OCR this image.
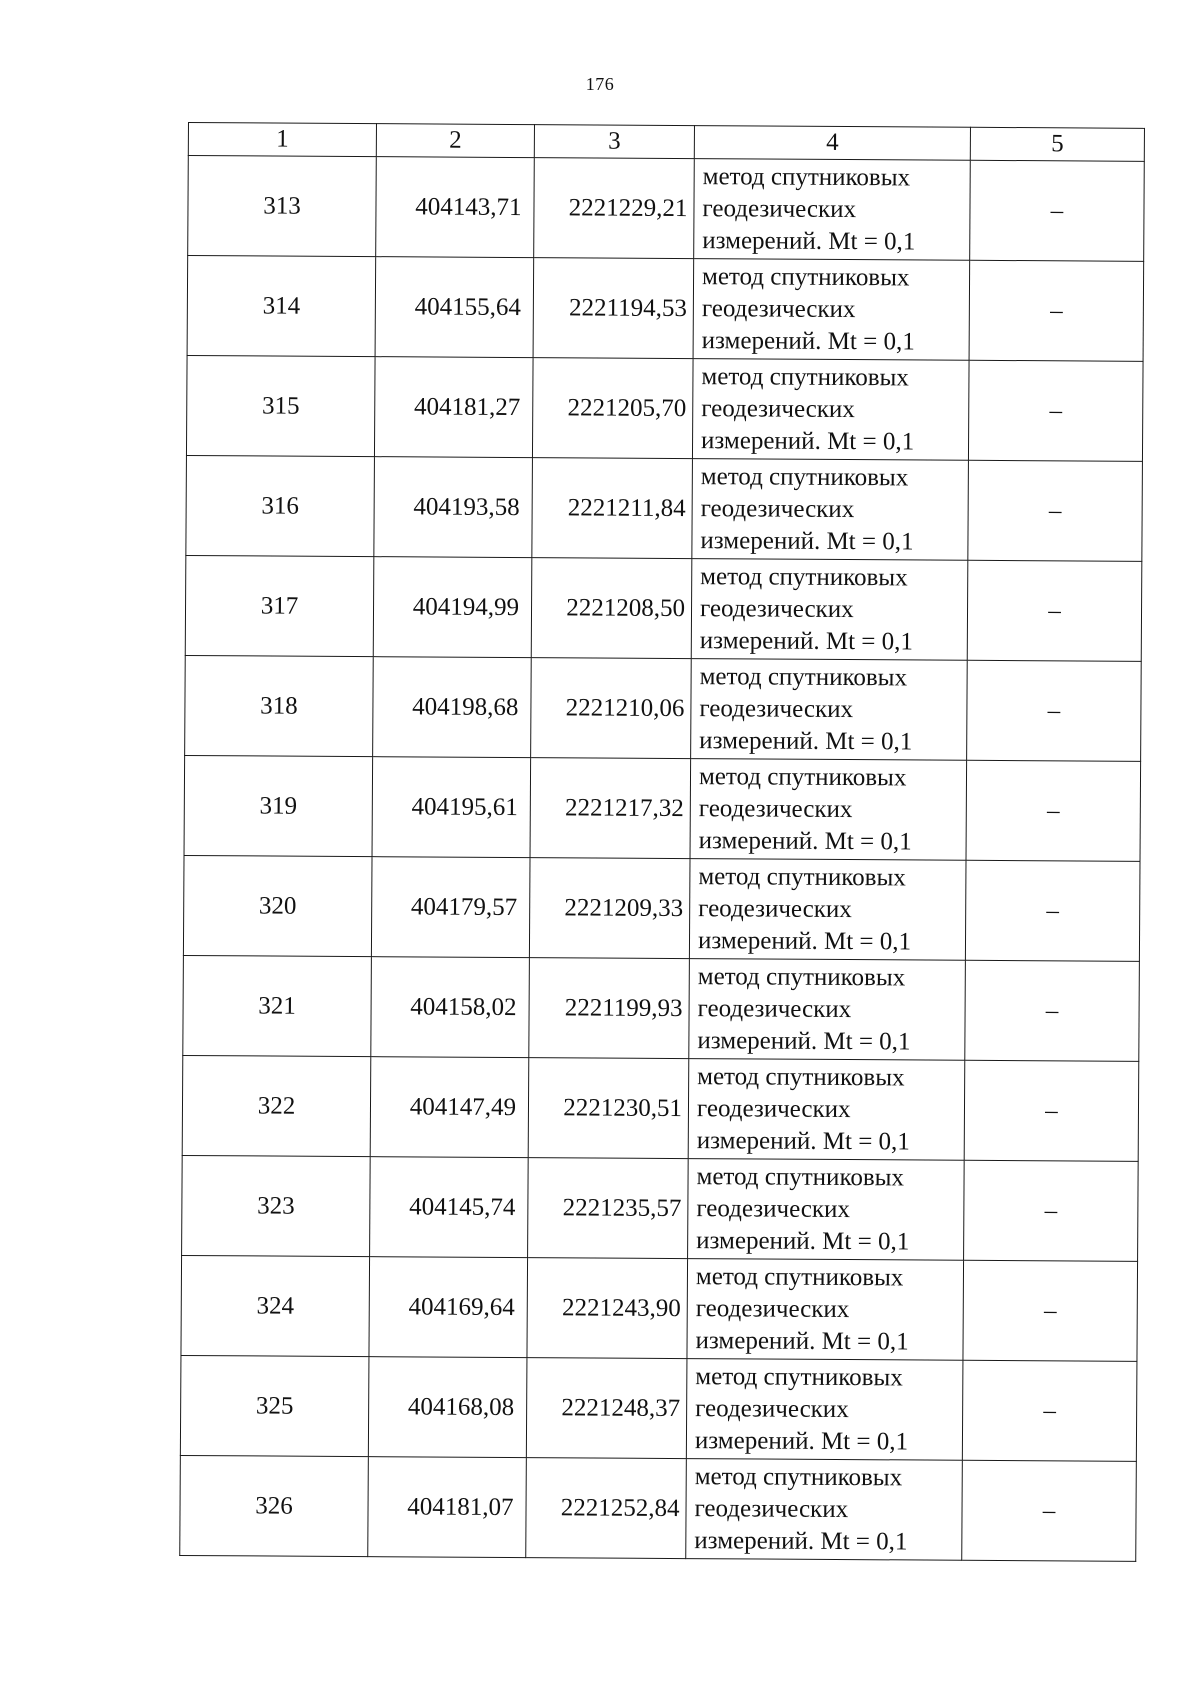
176
1	2	3	4	5
313	404143,71	2221229,21	метод спутниковых
геодезических
измерений. Mt = 0,1	–
314	404155,64	2221194,53	метод спутниковых
геодезических
измерений. Mt = 0,1	–
315	404181,27	2221205,70	метод спутниковых
геодезических
измерений. Mt = 0,1	–
316	404193,58	2221211,84	метод спутниковых
геодезических
измерений. Mt = 0,1	–
317	404194,99	2221208,50	метод спутниковых
геодезических
измерений. Mt = 0,1	–
318	404198,68	2221210,06	метод спутниковых
геодезических
измерений. Mt = 0,1	–
319	404195,61	2221217,32	метод спутниковых
геодезических
измерений. Mt = 0,1	–
320	404179,57	2221209,33	метод спутниковых
геодезических
измерений. Mt = 0,1	–
321	404158,02	2221199,93	метод спутниковых
геодезических
измерений. Mt = 0,1	–
322	404147,49	2221230,51	метод спутниковых
геодезических
измерений. Mt = 0,1	–
323	404145,74	2221235,57	метод спутниковых
геодезических
измерений. Mt = 0,1	–
324	404169,64	2221243,90	метод спутниковых
геодезических
измерений. Mt = 0,1	–
325	404168,08	2221248,37	метод спутниковых
геодезических
измерений. Mt = 0,1	–
326	404181,07	2221252,84	метод спутниковых
геодезических
измерений. Mt = 0,1	–
